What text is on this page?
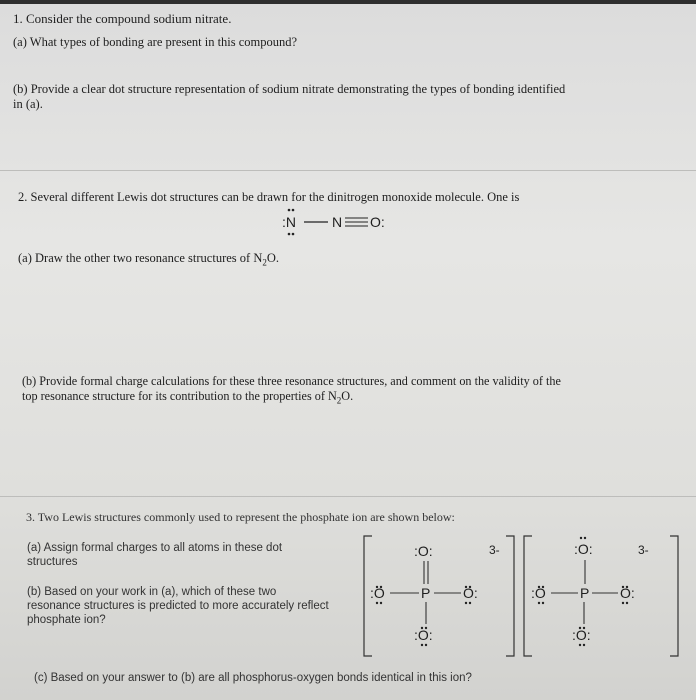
1. Consider the compound sodium nitrate.
(a) What types of bonding are present in this compound?
(b) Provide a clear dot structure representation of sodium nitrate demonstrating the types of bonding identified
in (a).
2. Several different Lewis dot structures can be drawn for the dinitrogen monoxide molecule. One is
:N	N O:
(a) Draw the other two resonance structures of $N_2O$.
(b) Provide formal charge calculations for these three resonance structures, and comment on the validity of the
top resonance structure for its contribution to the properties of $N_2O$.
3. Two Lewis structures commonly used to represent the phosphate ion are shown below:
(a) Assign formal charges to all atoms in these dot
structures
(b) Based on your work in (a), which of these two
resonance structures is predicted to more accurately reflect
phosphate ion?
(c) Based on your answer to (b) are all phosphorus-oxygen bonds identical in this ion?
3-
:O:
:O	P O:
:O:
3-
:O:
:O P O:
:O:
